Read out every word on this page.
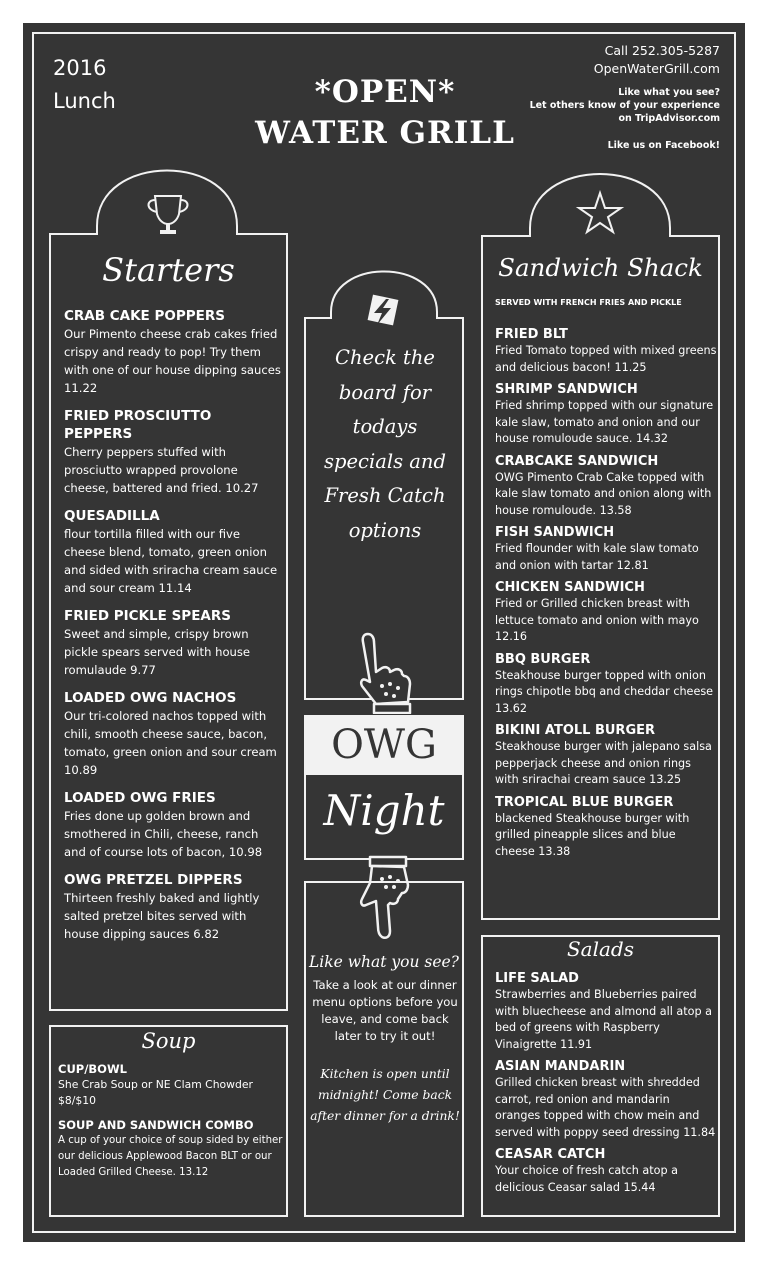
2016
Lunch	*OPEN*
WATER GRILL
Call 252.305-5287
OpenWaterGrill.com
Like what you see?
Let others know of your experience
on TripAdvisor.com
Like us on Facebook!
Starters
CRAB CAKE POPPERS
Our Pimento cheese crab cakes fried crispy and ready to pop! Try them with one of our house dipping sauces 11.22
FRIED PROSCIUTTO PEPPERS
Cherry peppers stuffed with prosciutto wrapped provolone cheese, battered and fried. 10.27
QUESADILLA
flour tortilla filled with our five cheese blend, tomato, green onion and sided with sriracha cream sauce and sour cream 11.14
FRIED PICKLE SPEARS
Sweet and simple, crispy brown pickle spears served with house romulaude 9.77
LOADED OWG NACHOS
Our tri-colored nachos topped with chili, smooth cheese sauce, bacon, tomato, green onion and sour cream 10.89
LOADED OWG FRIES
Fries done up golden brown and smothered in Chili, cheese, ranch and of course lots of bacon, 10.98
OWG PRETZEL DIPPERS
Thirteen freshly baked and lightly salted pretzel bites served with house dipping sauces 6.82
Soup
CUP/BOWL
She Crab Soup or NE Clam Chowder $8/$10
SOUP AND SANDWICH COMBO
A cup of your choice of soup sided by either our delicious Applewood Bacon BLT or our Loaded Grilled Cheese. 13.12
Check the board for todays specials and Fresh Catch options
OWG
Night
Like what you see?
Take a look at our dinner menu options before you leave, and come back later to try it out!
Kitchen is open until midnight! Come back after dinner for a drink!
Sandwich Shack
SERVED WITH FRENCH FRIES AND PICKLE
FRIED BLT
Fried Tomato topped with mixed greens and delicious bacon! 11.25
SHRIMP SANDWICH
Fried shrimp topped with our signature kale slaw, tomato and onion and our house romuloude sauce. 14.32
CRABCAKE SANDWICH
OWG Pimento Crab Cake topped with kale slaw tomato and onion along with house romuloude. 13.58
FISH SANDWICH
Fried flounder with kale slaw tomato and onion with tartar 12.81
CHICKEN SANDWICH
Fried or Grilled chicken breast with lettuce tomato and onion with mayo 12.16
BBQ BURGER
Steakhouse burger topped with onion rings chipotle bbq and cheddar cheese 13.62
BIKINI ATOLL BURGER
Steakhouse burger with jalepano salsa pepperjack cheese and onion rings with srirachai cream sauce 13.25
TROPICAL BLUE BURGER
blackened Steakhouse burger with grilled pineapple slices and blue cheese 13.38
Salads
LIFE SALAD
Strawberries and Blueberries paired with bluecheese and almond all atop a bed of greens with Raspberry Vinaigrette 11.91
ASIAN MANDARIN
Grilled chicken breast with shredded carrot, red onion and mandarin oranges topped with chow mein and served with poppy seed dressing 11.84
CEASAR CATCH
Your choice of fresh catch atop a delicious Ceasar salad 15.44
